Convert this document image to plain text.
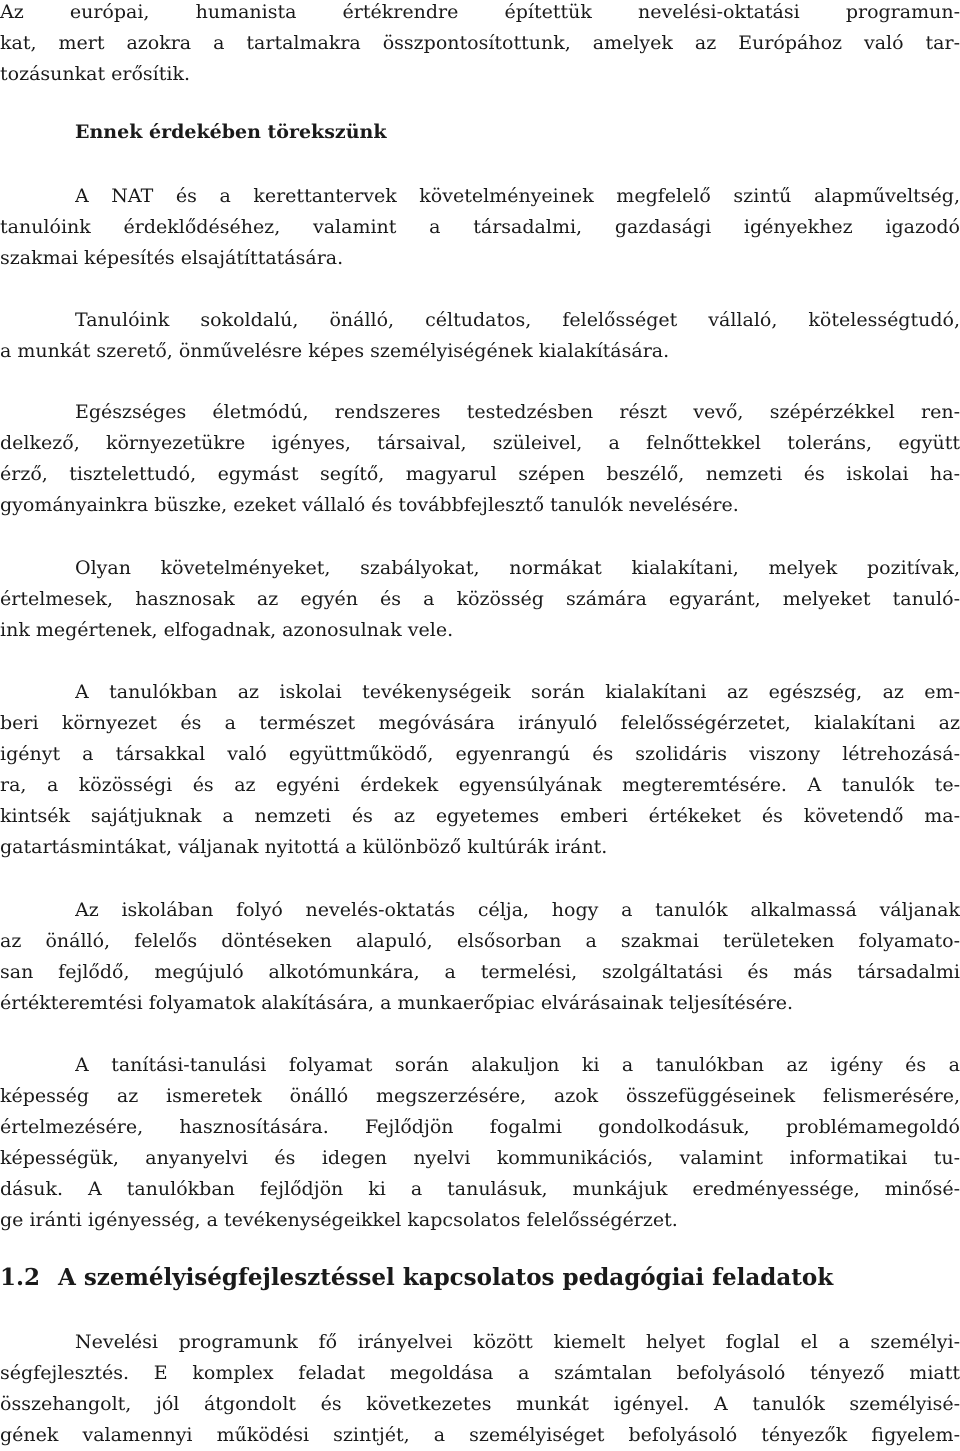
Az európai, humanista értékrendre építettük nevelési-oktatási programun-
kat, mert azokra a tartalmakra összpontosítottunk, amelyek az Európához való tar-
tozásunkat erősítik.
Ennek érdekében törekszünk
A NAT és a kerettantervek követelményeinek megfelelő szintű alapműveltség,
tanulóink érdeklődéséhez, valamint a társadalmi, gazdasági igényekhez igazodó
szakmai képesítés elsajátíttatására.
Tanulóink sokoldalú, önálló, céltudatos, felelősséget vállaló, kötelességtudó,
a munkát szerető, önművelésre képes személyiségének kialakítására.
Egészséges életmódú, rendszeres testedzésben részt vevő, szépérzékkel ren-
delkező, környezetükre igényes, társaival, szüleivel, a felnőttekkel toleráns, együtt
érző, tisztelettudó, egymást segítő, magyarul szépen beszélő, nemzeti és iskolai ha-
gyományainkra büszke, ezeket vállaló és továbbfejlesztő tanulók nevelésére.
Olyan követelményeket, szabályokat, normákat kialakítani, melyek pozitívak,
értelmesek, hasznosak az egyén és a közösség számára egyaránt, melyeket tanuló-
ink megértenek, elfogadnak, azonosulnak vele.
A tanulókban az iskolai tevékenységeik során kialakítani az egészség, az em-
beri környezet és a természet megóvására irányuló felelősségérzetet, kialakítani az
igényt a társakkal való együttműködő, egyenrangú és szolidáris viszony létrehozásá-
ra, a közösségi és az egyéni érdekek egyensúlyának megteremtésére. A tanulók te-
kintsék sajátjuknak a nemzeti és az egyetemes emberi értékeket és követendő ma-
gatartásmintákat, váljanak nyitottá a különböző kultúrák iránt.
Az iskolában folyó nevelés-oktatás célja, hogy a tanulók alkalmassá váljanak
az önálló, felelős döntéseken alapuló, elsősorban a szakmai területeken folyamato-
san fejlődő, megújuló alkotómunkára, a termelési, szolgáltatási és más társadalmi
értékteremtési folyamatok alakítására, a munkaerőpiac elvárásainak teljesítésére.
A tanítási-tanulási folyamat során alakuljon ki a tanulókban az igény és a
képesség az ismeretek önálló megszerzésére, azok összefüggéseinek felismerésére,
értelmezésére, hasznosítására. Fejlődjön fogalmi gondolkodásuk, problémamegoldó
képességük, anyanyelvi és idegen nyelvi kommunikációs, valamint informatikai tu-
dásuk. A tanulókban fejlődjön ki a tanulásuk, munkájuk eredményessége, minősé-
ge iránti igényesség, a tevékenységeikkel kapcsolatos felelősségérzet.
1.2 A személyiségfejlesztéssel kapcsolatos pedagógiai feladatok
Nevelési programunk fő irányelvei között kiemelt helyet foglal el a személyi-
ségfejlesztés. E komplex feladat megoldása a számtalan befolyásoló tényező miatt
összehangolt, jól átgondolt és következetes munkát igényel. A tanulók személyisé-
gének valamennyi működési szintjét, a személyiséget befolyásoló tényezők figyelem-
